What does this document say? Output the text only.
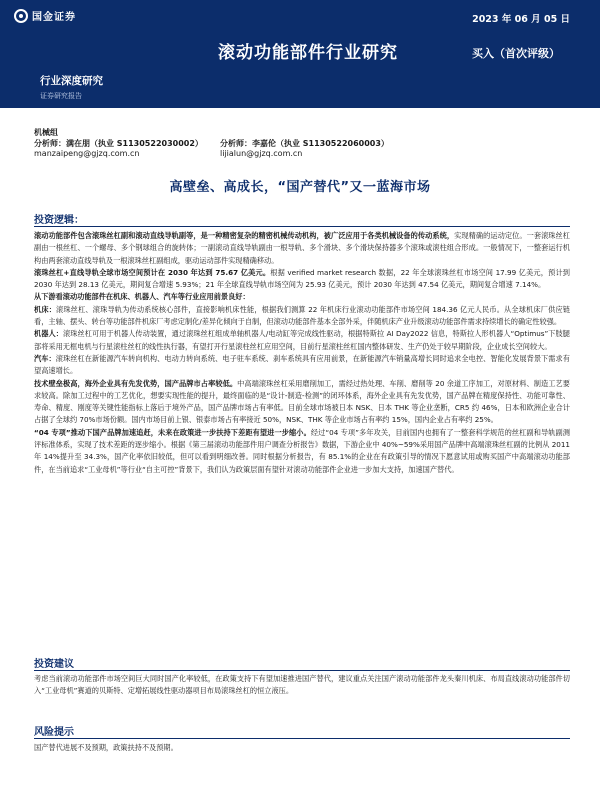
国金证券	2023 年 06 月 05 日
滚动功能部件行业研究	买入（首次评级）
行业深度研究
证券研究报告
机械组
分析师：满在朋（执业 S1130522030002）	分析师：李嘉伦（执业 S1130522060003）
manzaipeng@gjzq.com.cn	lijialun@gjzq.com.cn
高壁垒、高成长，“国产替代”又一蓝海市场
投资逻辑：

滚动功能部件包含滚珠丝杠副和滚动直线导轨副等，是一种精密复杂的精密机械传动机构，被广泛应用于各类机械设备的传动系统，实现精确的运动定位。一套滚珠丝杠副由一根丝杠、一个螺母、多个钢球组合的旋转体；一副滚动直线导轨副由一根导轨、多个滑块、多个滑块保持器多个滚珠或滚柱组合形成。一般情况下，一整套运行机构由两套滚动直线导轨及一根滚珠丝杠副组成，驱动运动部件实现精确移动。

滚珠丝杠+直线导轨全球市场空间预计在 2030 年达到 75.67 亿美元。根据 verified market research 数据，22 年全球滚珠丝杠市场空间 17.99 亿美元，预计到 2030 年达到 28.13 亿美元，期间复合增速 5.93%；21 年全球直线导轨市场空间为 25.93 亿美元，预计 2030 年达到 47.54 亿美元，期间复合增速 7.14%。

从下游看滚动功能部件在机床、机器人、汽车等行业应用前景良好：

机床：滚珠丝杠、滚珠导轨为传动系统核心部件，直接影响机床性能，根据我们测算 22 年机床行业滚动功能部件市场空间 184.36 亿元人民币。从全球机床厂供应链看，主轴、摆头、转台等功能部件机床厂考虑定制化/差异化倾向于自制，但滚动功能部件基本全部外采，伴随机床产业升级滚动功能部件需求持续增长的确定性较强。

机器人：滚珠丝杠可用于机器人传动装置，通过滚珠丝杠组成单轴机器人/电动缸等完成线性驱动，根据特斯拉 AI Day2022 信息，特斯拉人形机器人“Optimus”下肢腿部将采用无框电机与行星滚柱丝杠的线性执行器，有望打开行星滚柱丝杠应用空间，目前行星滚柱丝杠国内整体研发、生产仍处于较早期阶段，企业成长空间较大。

汽车：滚珠丝杠在新能源汽车转向机构、电动力转向系统、电子驻车系统、刹车系统具有应用前景，在新能源汽车销量高增长同时追求全电控、智能化发展背景下需求有望高速增长。

技术壁垒极高，海外企业具有先发优势，国产品牌市占率较低。中高端滚珠丝杠采用磨削加工，需经过热处理、车削、磨削等 20 余道工序加工，对原材料、制造工艺要求较高。除加工过程中的工艺优化，想要实现性能的提升，最终面临的是“设计-制造-检测”的闭环体系，海外企业具有先发优势，国产品牌在精度保持性、功能可靠性、寿命、精度、刚度等关键性能指标上落后于境外产品，国产品牌市场占有率低。目前全球市场被日本 NSK、日本 THK 等企业垄断，CR5 约 46%，日本和欧洲企业合计占据了全球约 70%市场份额。国内市场目前上银、银泰市场占有率接近 50%，NSK、THK 等企业市场占有率约 15%，国内企业占有率约 25%。

“04 专项”推动下国产品牌加速追赶，未来在政策进一步扶持下差距有望进一步缩小。经过“04 专项”多年攻关，目前国内也拥有了一整套科学规范的丝杠副和导轨副测评标准体系，实现了技术差距的逐步缩小。根据《第三届滚动功能部件用户调查分析报告》数据，下游企业中 40%~59%采用国产品牌中高端滚珠丝杠副的比例从 2011 年 14%提升至 34.3%，国产化率依旧较低，但可以看到明细改善。同时根据分析报告，有 85.1%的企业在有政策引导的情况下愿意试用或购买国产中高端滚动功能部件，在当前追求“工业母机”等行业“自主可控”背景下，我们认为政策层面有望针对滚动功能部件企业进一步加大支持，加速国产替代。

投资建议

考虑当前滚动功能部件市场空间巨大同时国产化率较低，在政策支持下有望加速推进国产替代，建议重点关注国产滚动功能部件龙头秦川机床、布局直线滚动功能部件切入“工业母机”赛道的贝斯特、定增拓展线性驱动器项目布局滚珠丝杠的恒立液压。

风险提示

国产替代进展不及预期，政策扶持不及预期。
